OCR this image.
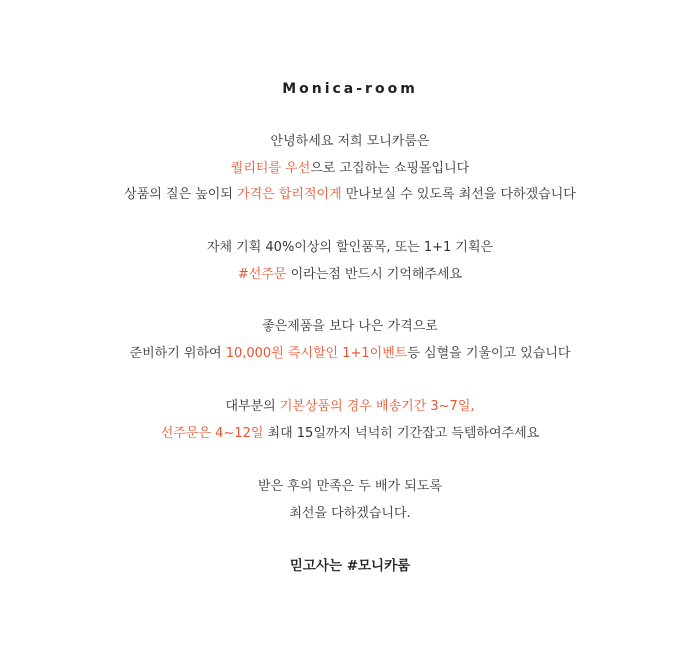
Monica-room
안녕하세요 저희 모니카룸은
퀄리티를 우선으로 고집하는 쇼핑몰입니다
상품의 질은 높이되 가격은 합리적이게 만나보실 수 있도록 최선을 다하겠습니다
자체 기획 40%이상의 할인품목, 또는 1+1 기획은
#선주문 이라는점 반드시 기억해주세요
좋은제품을 보다 나은 가격으로
준비하기 위하여 10,000원 즉시할인 1+1이벤트등 심혈을 기울이고 있습니다
대부분의 기본상품의 경우 배송기간 3~7일,
선주문은 4~12일 최대 15일까지 넉넉히 기간잡고 득템하여주세요
받은 후의 만족은 두 배가 되도록
최선을 다하겠습니다.
믿고사는 #모니카룸
